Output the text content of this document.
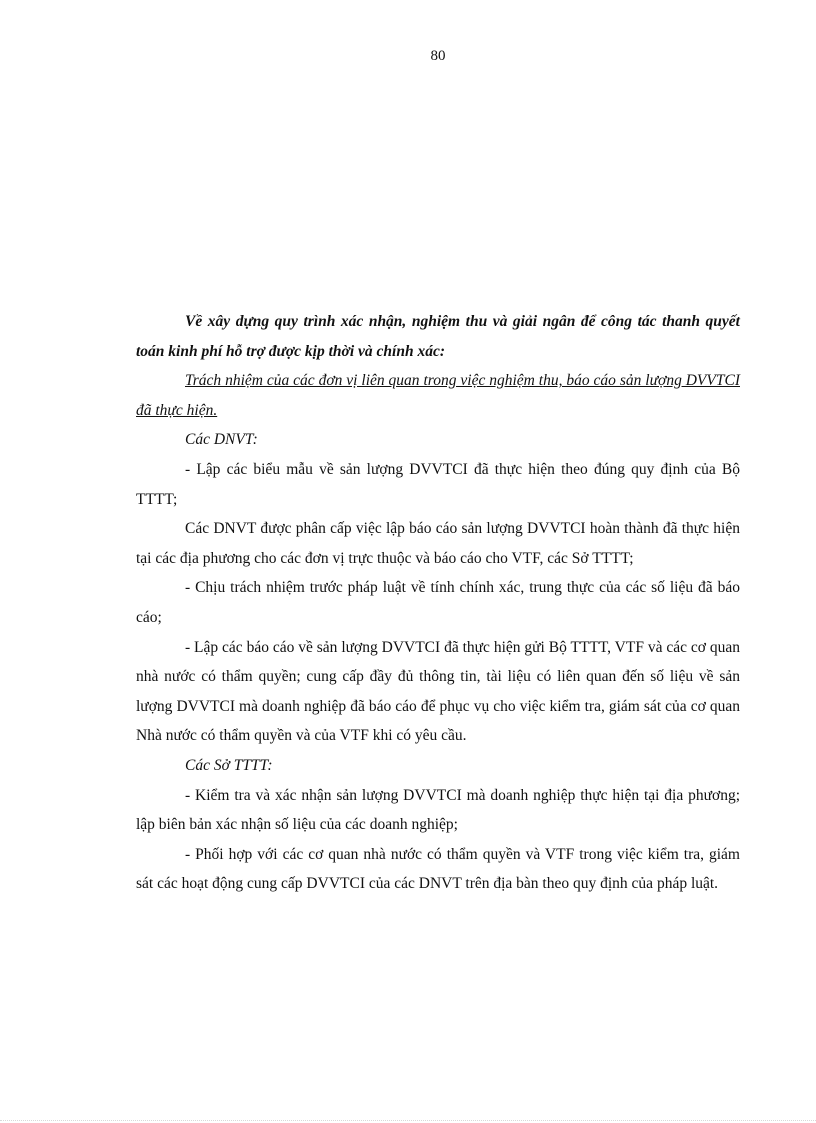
80

Về xây dựng quy trình xác nhận, nghiệm thu và giải ngân để công tác thanh quyết toán kinh phí hỗ trợ được kịp thời và chính xác:

Trách nhiệm của các đơn vị liên quan trong việc nghiệm thu, báo cáo sản lượng DVVTCI đã thực hiện.

Các DNVT:

- Lập các biểu mẫu về sản lượng DVVTCI đã thực hiện theo đúng quy định của Bộ TTTT;

Các DNVT được phân cấp việc lập báo cáo sản lượng DVVTCI hoàn thành đã thực hiện tại các địa phương cho các đơn vị trực thuộc và báo cáo cho VTF, các Sở TTTT;

- Chịu trách nhiệm trước pháp luật về tính chính xác, trung thực của các số liệu đã báo cáo;

- Lập các báo cáo về sản lượng DVVTCI đã thực hiện gửi Bộ TTTT, VTF và các cơ quan nhà nước có thẩm quyền; cung cấp đầy đủ thông tin, tài liệu có liên quan đến số liệu về sản lượng DVVTCI mà doanh nghiệp đã báo cáo để phục vụ cho việc kiểm tra, giám sát của cơ quan Nhà nước có thẩm quyền và của VTF khi có yêu cầu.

Các Sở TTTT:

- Kiểm tra và xác nhận sản lượng DVVTCI mà doanh nghiệp thực hiện tại địa phương; lập biên bản xác nhận số liệu của các doanh nghiệp;

- Phối hợp với các cơ quan nhà nước có thẩm quyền và VTF trong việc kiểm tra, giám sát các hoạt động cung cấp DVVTCI của các DNVT trên địa bàn theo quy định của pháp luật.
